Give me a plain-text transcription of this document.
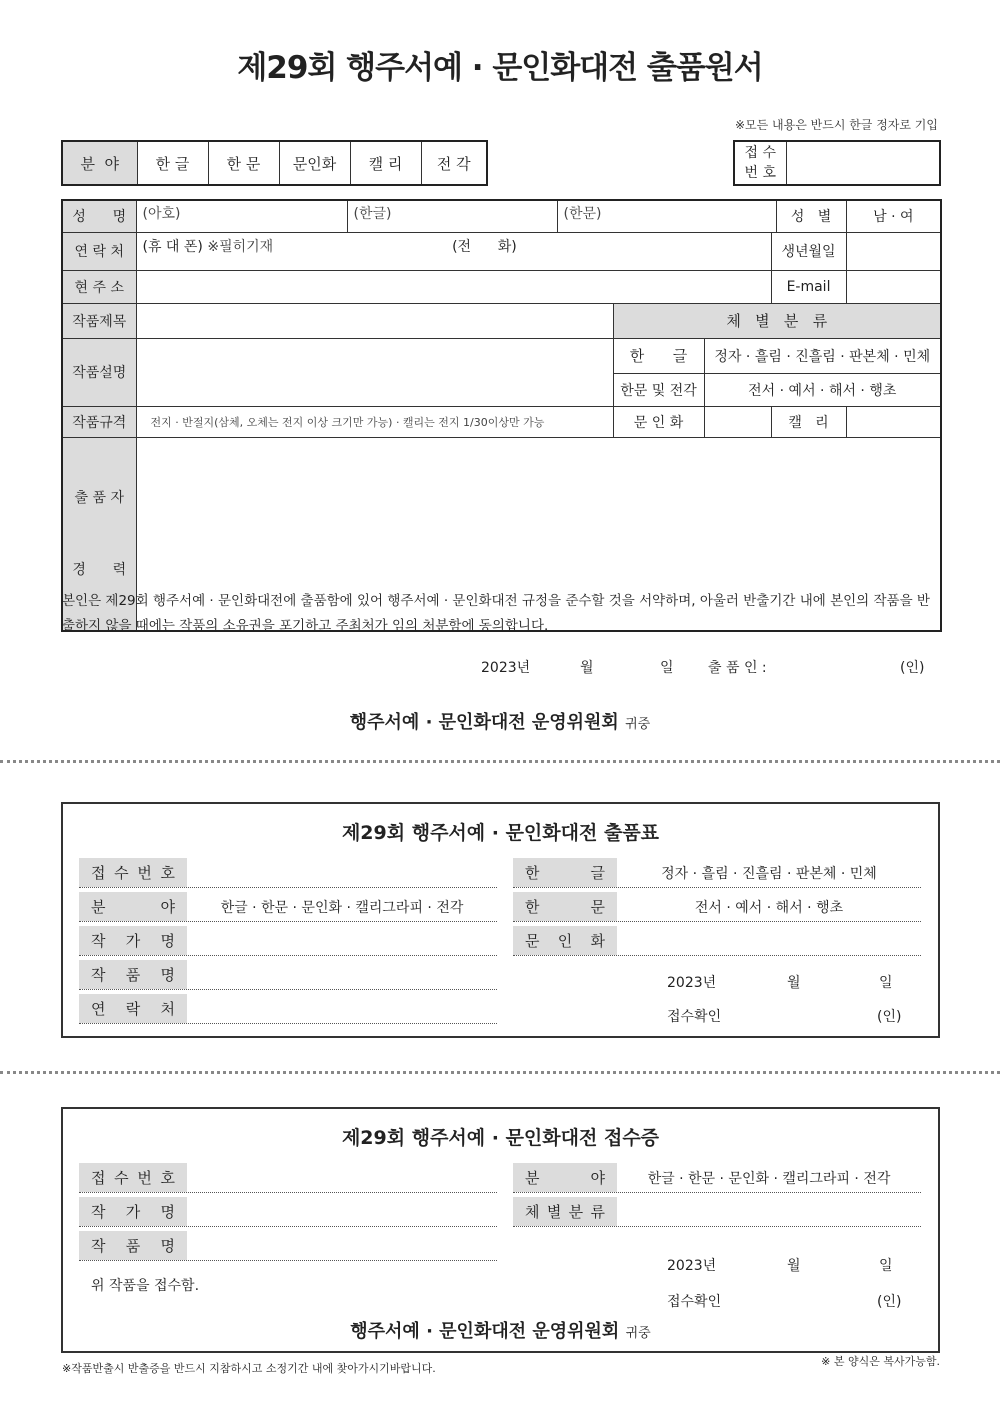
제29회 행주서예 · 문인화대전 출품원서
※모든 내용은 반드시 한글 정자로 기입
분  야	한 글	한 문	문인화	캘 리	전 각
접 수
번 호

성      명	(아호)	(한글)	(한문)				성   별	남 · 여
연 락 처	(휴 대 폰) ※필히기재 (전      화)					생년월일		
현 주 소						E-mail		
작품제목				체   별   분   류				
작품설명				한      글	정자 · 흘림 · 진흘림 · 판본체 · 민체			
				한문 및 전각	전서 · 예서 · 해서 · 행초			
작품규격	전지 · 반절지(삼체, 오체는 전지 이상 크기만 가능) · 캘리는 전지 1/30이상만 가능			문 인 화		캘   리		

출 품 자

경      력								

본인은 제29회 행주서예 · 문인화대전에 출품함에 있어 행주서예 · 문인화대전 규정을 준수할 것을 서약하며, 아울러 반출기간 내에 본인의 작품을 반출하지 않을 때에는 작품의 소유권을 포기하고 주최처가 임의 처분함에 동의합니다.
2023년	월	일 출 품 인 :	(인)
행주서예 · 문인화대전 운영위원회 귀중
제29회 행주서예 · 문인화대전 출품표
접 수 번 호
분	야	한글 · 한문 · 문인화 · 캘리그라피 · 전각
작 가 명
작 품 명
연 락 처
한	글	정자 · 흘림 · 진흘림 · 판본체 · 민체
한	문	전서 · 예서 · 해서 · 행초
문 인 화
2023년	월	일
접수확인	(인)
제29회 행주서예 · 문인화대전 접수증
접 수 번 호
작 가 명
작 품 명
위 작품을 접수함.
분	야	한글 · 한문 · 문인화 · 캘리그라피 · 전각
체 별 분 류
2023년	월	일
접수확인	(인)
행주서예 · 문인화대전 운영위원회 귀중
※작품반출시 반출증을 반드시 지참하시고 소정기간 내에 찾아가시기바랍니다.
※ 본 양식은 복사가능함.
